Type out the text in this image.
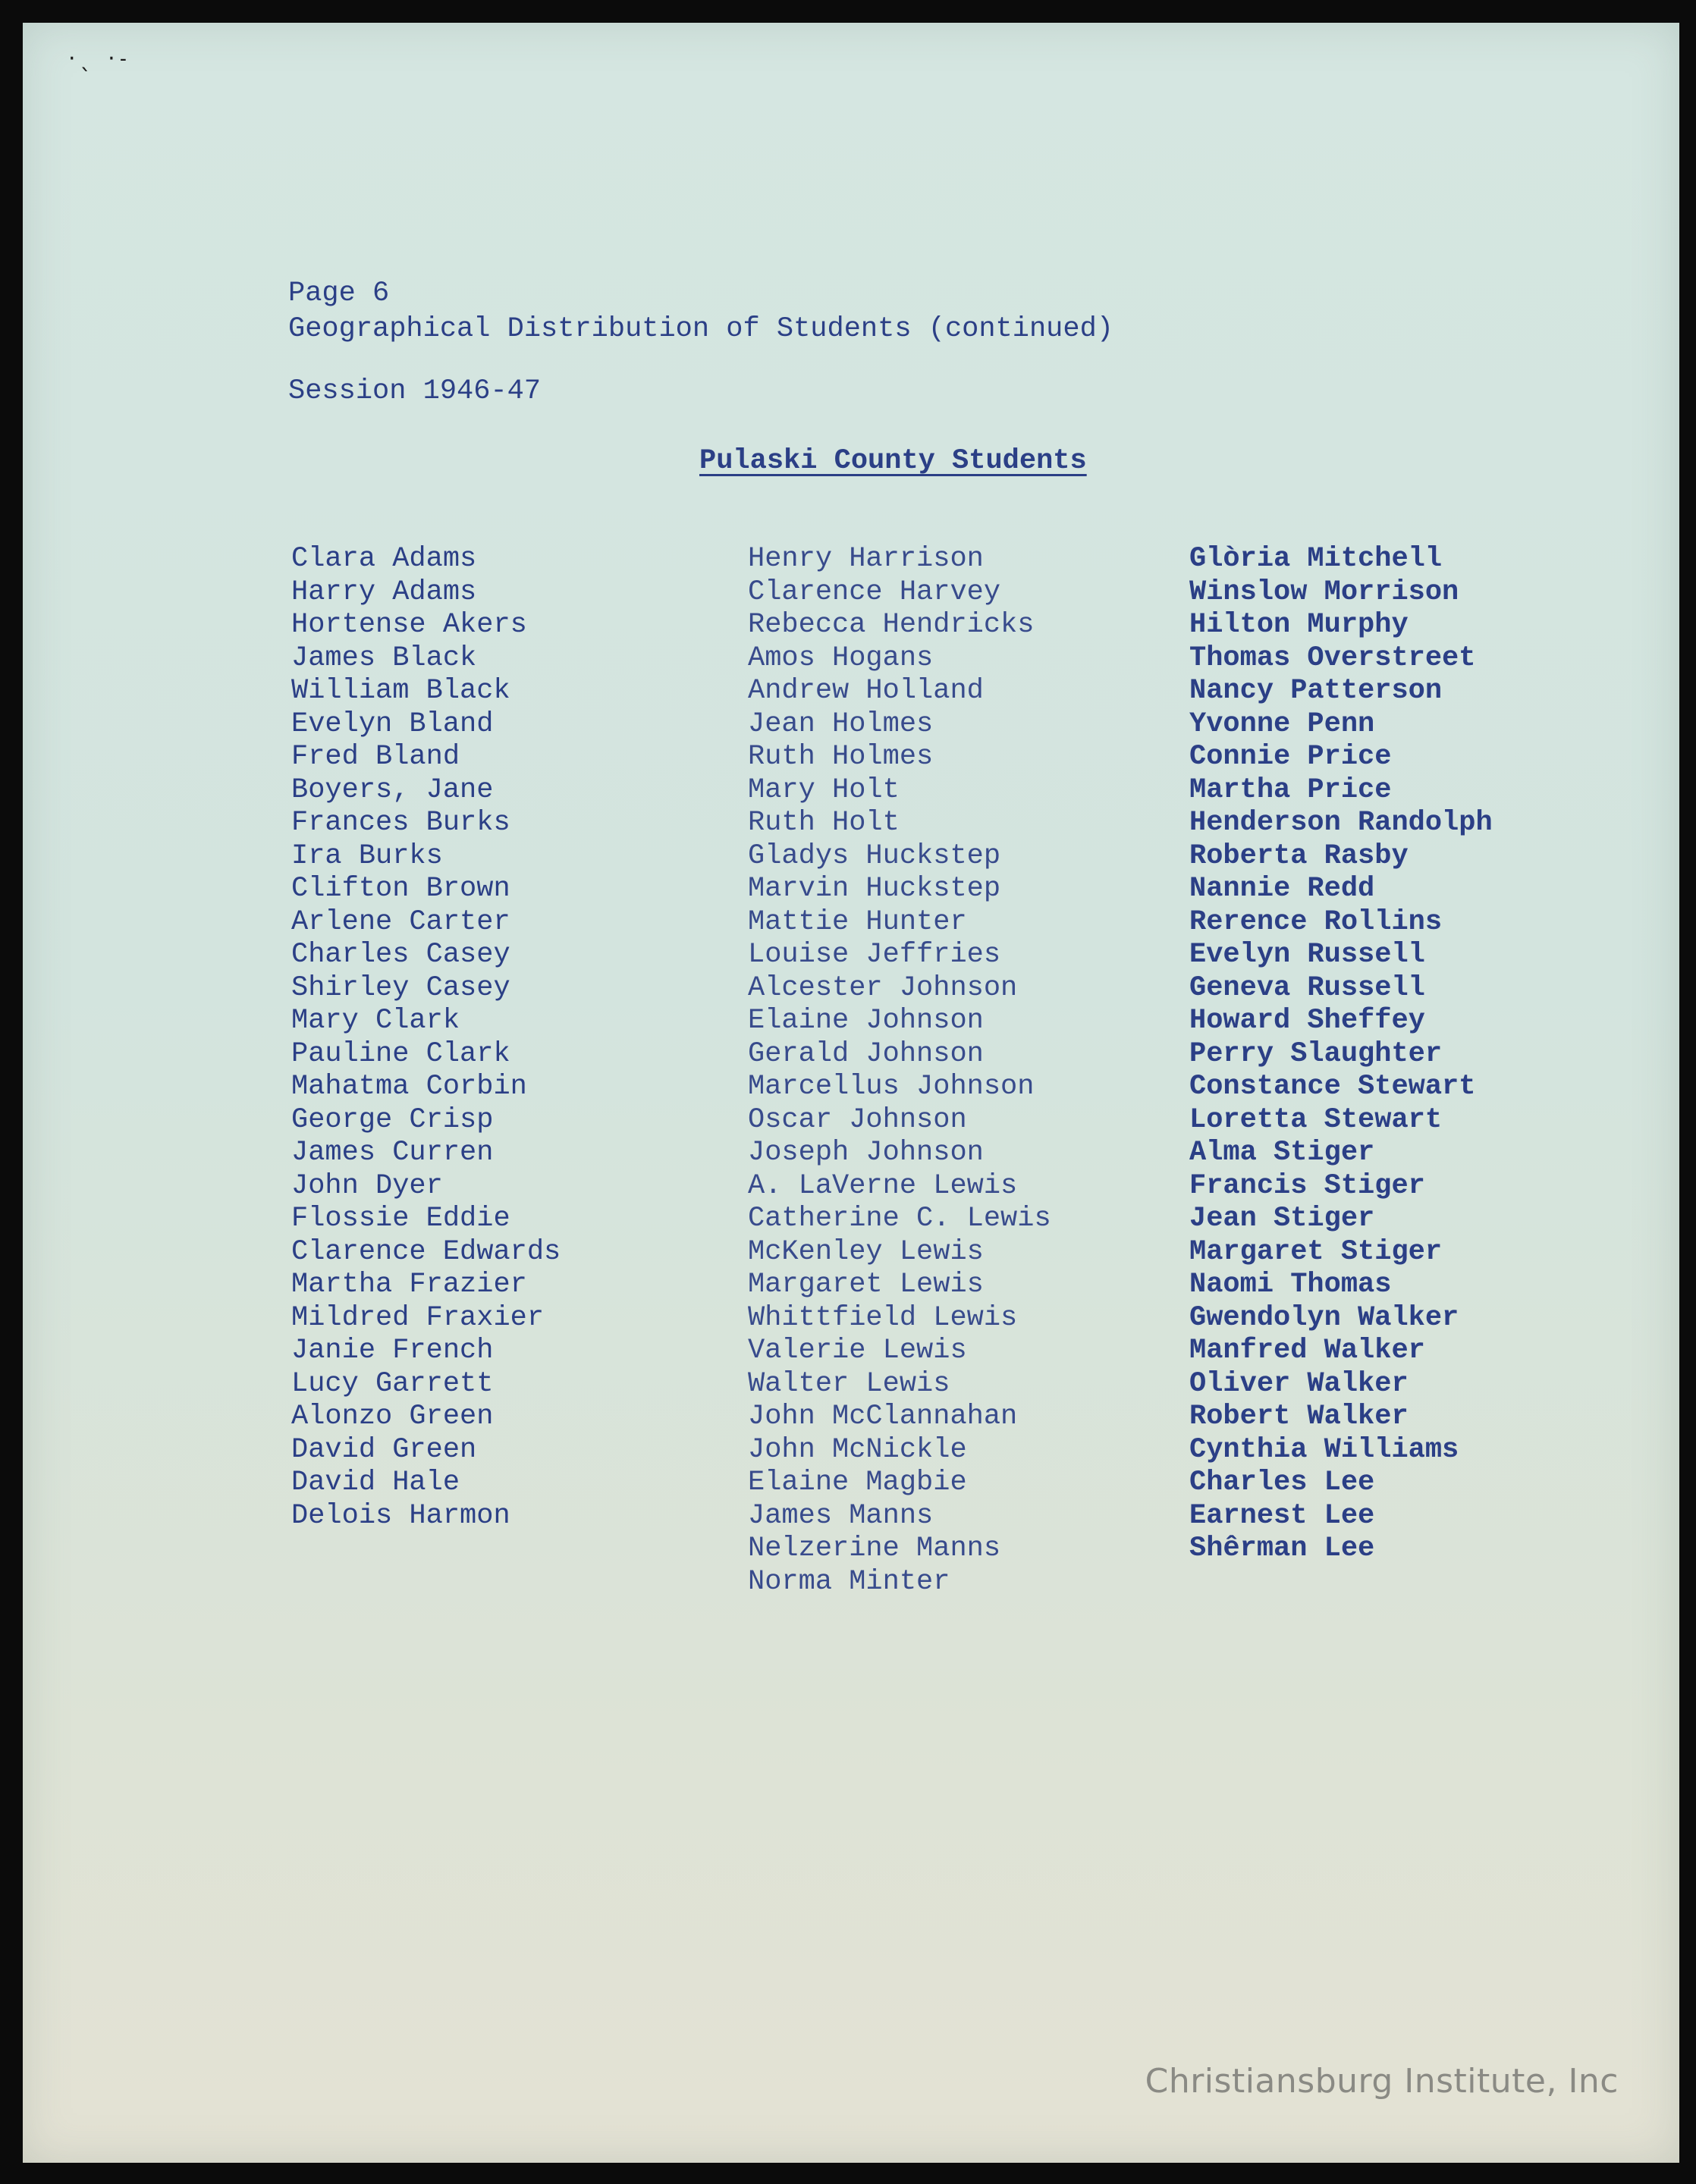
·ˎ ·˗

Page 6

Session 1946-47

Geographical Distribution of Students (continued)
Pulaski County Students
Clara Adams
Harry Adams
Hortense Akers
James Black
William Black
Evelyn Bland
Fred Bland
Boyers, Jane
Frances Burks
Ira Burks
Clifton Brown
Arlene Carter
Charles Casey
Shirley Casey
Mary Clark
Pauline Clark
Mahatma Corbin
George Crisp
James Curren
John Dyer
Flossie Eddie
Clarence Edwards
Martha Frazier
Mildred Fraxier
Janie French
Lucy Garrett
Alonzo Green
David Green
David Hale
Delois Harmon
Henry Harrison
Clarence Harvey
Rebecca Hendricks
Amos Hogans
Andrew Holland
Jean Holmes
Ruth Holmes
Mary Holt
Ruth Holt
Gladys Huckstep
Marvin Huckstep
Mattie Hunter
Louise Jeffries
Alcester Johnson
Elaine Johnson
Gerald Johnson
Marcellus Johnson
Oscar Johnson
Joseph Johnson
A. LaVerne Lewis
Catherine C. Lewis
McKenley Lewis
Margaret Lewis
Whittfield Lewis
Valerie Lewis
Walter Lewis
John McClannahan
John McNickle
Elaine Magbie
James Manns
Nelzerine Manns
Norma Minter
Glòria Mitchell
Winslow Morrison
Hilton Murphy
Thomas Overstreet
Nancy Patterson
Yvonne Penn
Connie Price
Martha Price
Henderson Randolph
Roberta Rasby
Nannie Redd
Rerence Rollins
Evelyn Russell
Geneva Russell
Howard Sheffey
Perry Slaughter
Constance Stewart
Loretta Stewart
Alma Stiger
Francis Stiger
Jean Stiger
Margaret Stiger
Naomi Thomas
Gwendolyn Walker
Manfred Walker
Oliver Walker
Robert Walker
Cynthia Williams
Charles Lee
Earnest Lee
Shêrman Lee
Christiansburg Institute, Inc
